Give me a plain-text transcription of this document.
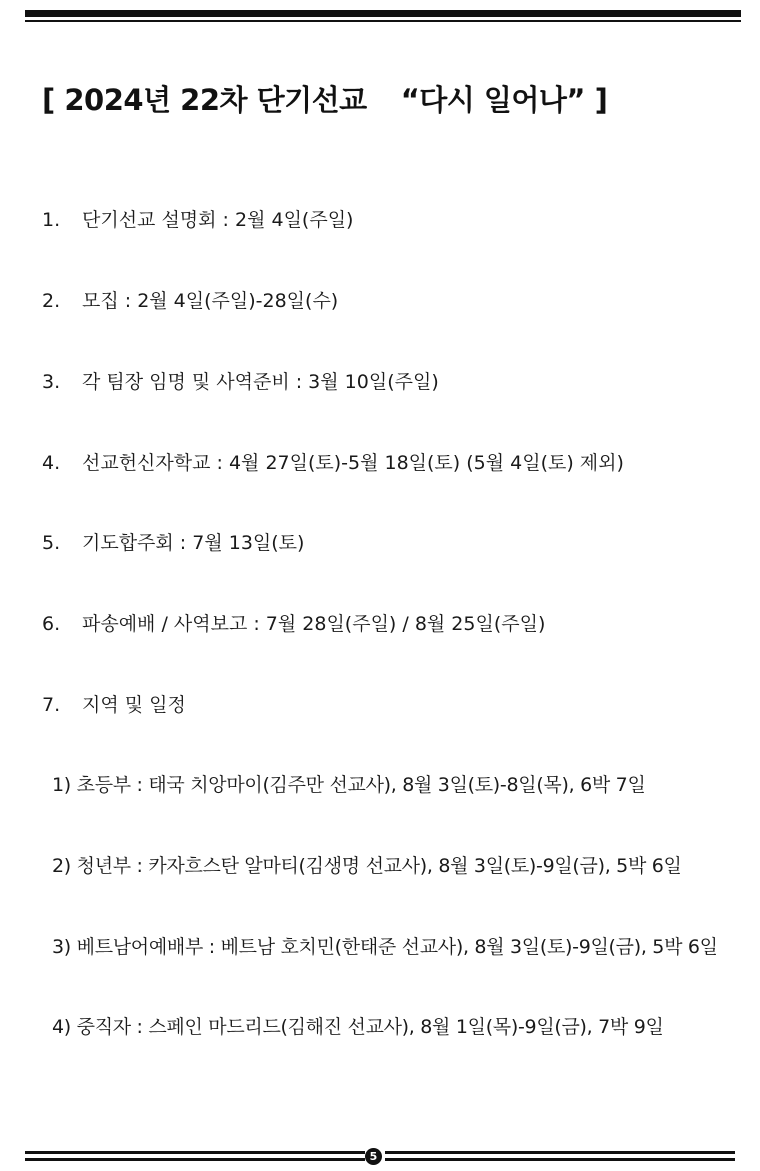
[ 2024년 22차 단기선교 “다시 일어나” ]
1. 단기선교 설명회 : 2월 4일(주일)
2. 모집 : 2월 4일(주일)-28일(수)
3. 각 팀장 임명 및 사역준비 : 3월 10일(주일)
4. 선교헌신자학교 : 4월 27일(토)-5월 18일(토) (5월 4일(토) 제외)
5. 기도합주회 : 7월 13일(토)
6. 파송예배 / 사역보고 : 7월 28일(주일) / 8월 25일(주일)
7. 지역 및 일정
1) 초등부 : 태국 치앙마이(김주만 선교사), 8월 3일(토)-8일(목), 6박 7일
2) 청년부 : 카자흐스탄 알마티(김생명 선교사), 8월 3일(토)-9일(금), 5박 6일
3) 베트남어예배부 : 베트남 호치민(한태준 선교사), 8월 3일(토)-9일(금), 5박 6일
4) 중직자 : 스페인 마드리드(김해진 선교사), 8월 1일(목)-9일(금), 7박 9일
5
